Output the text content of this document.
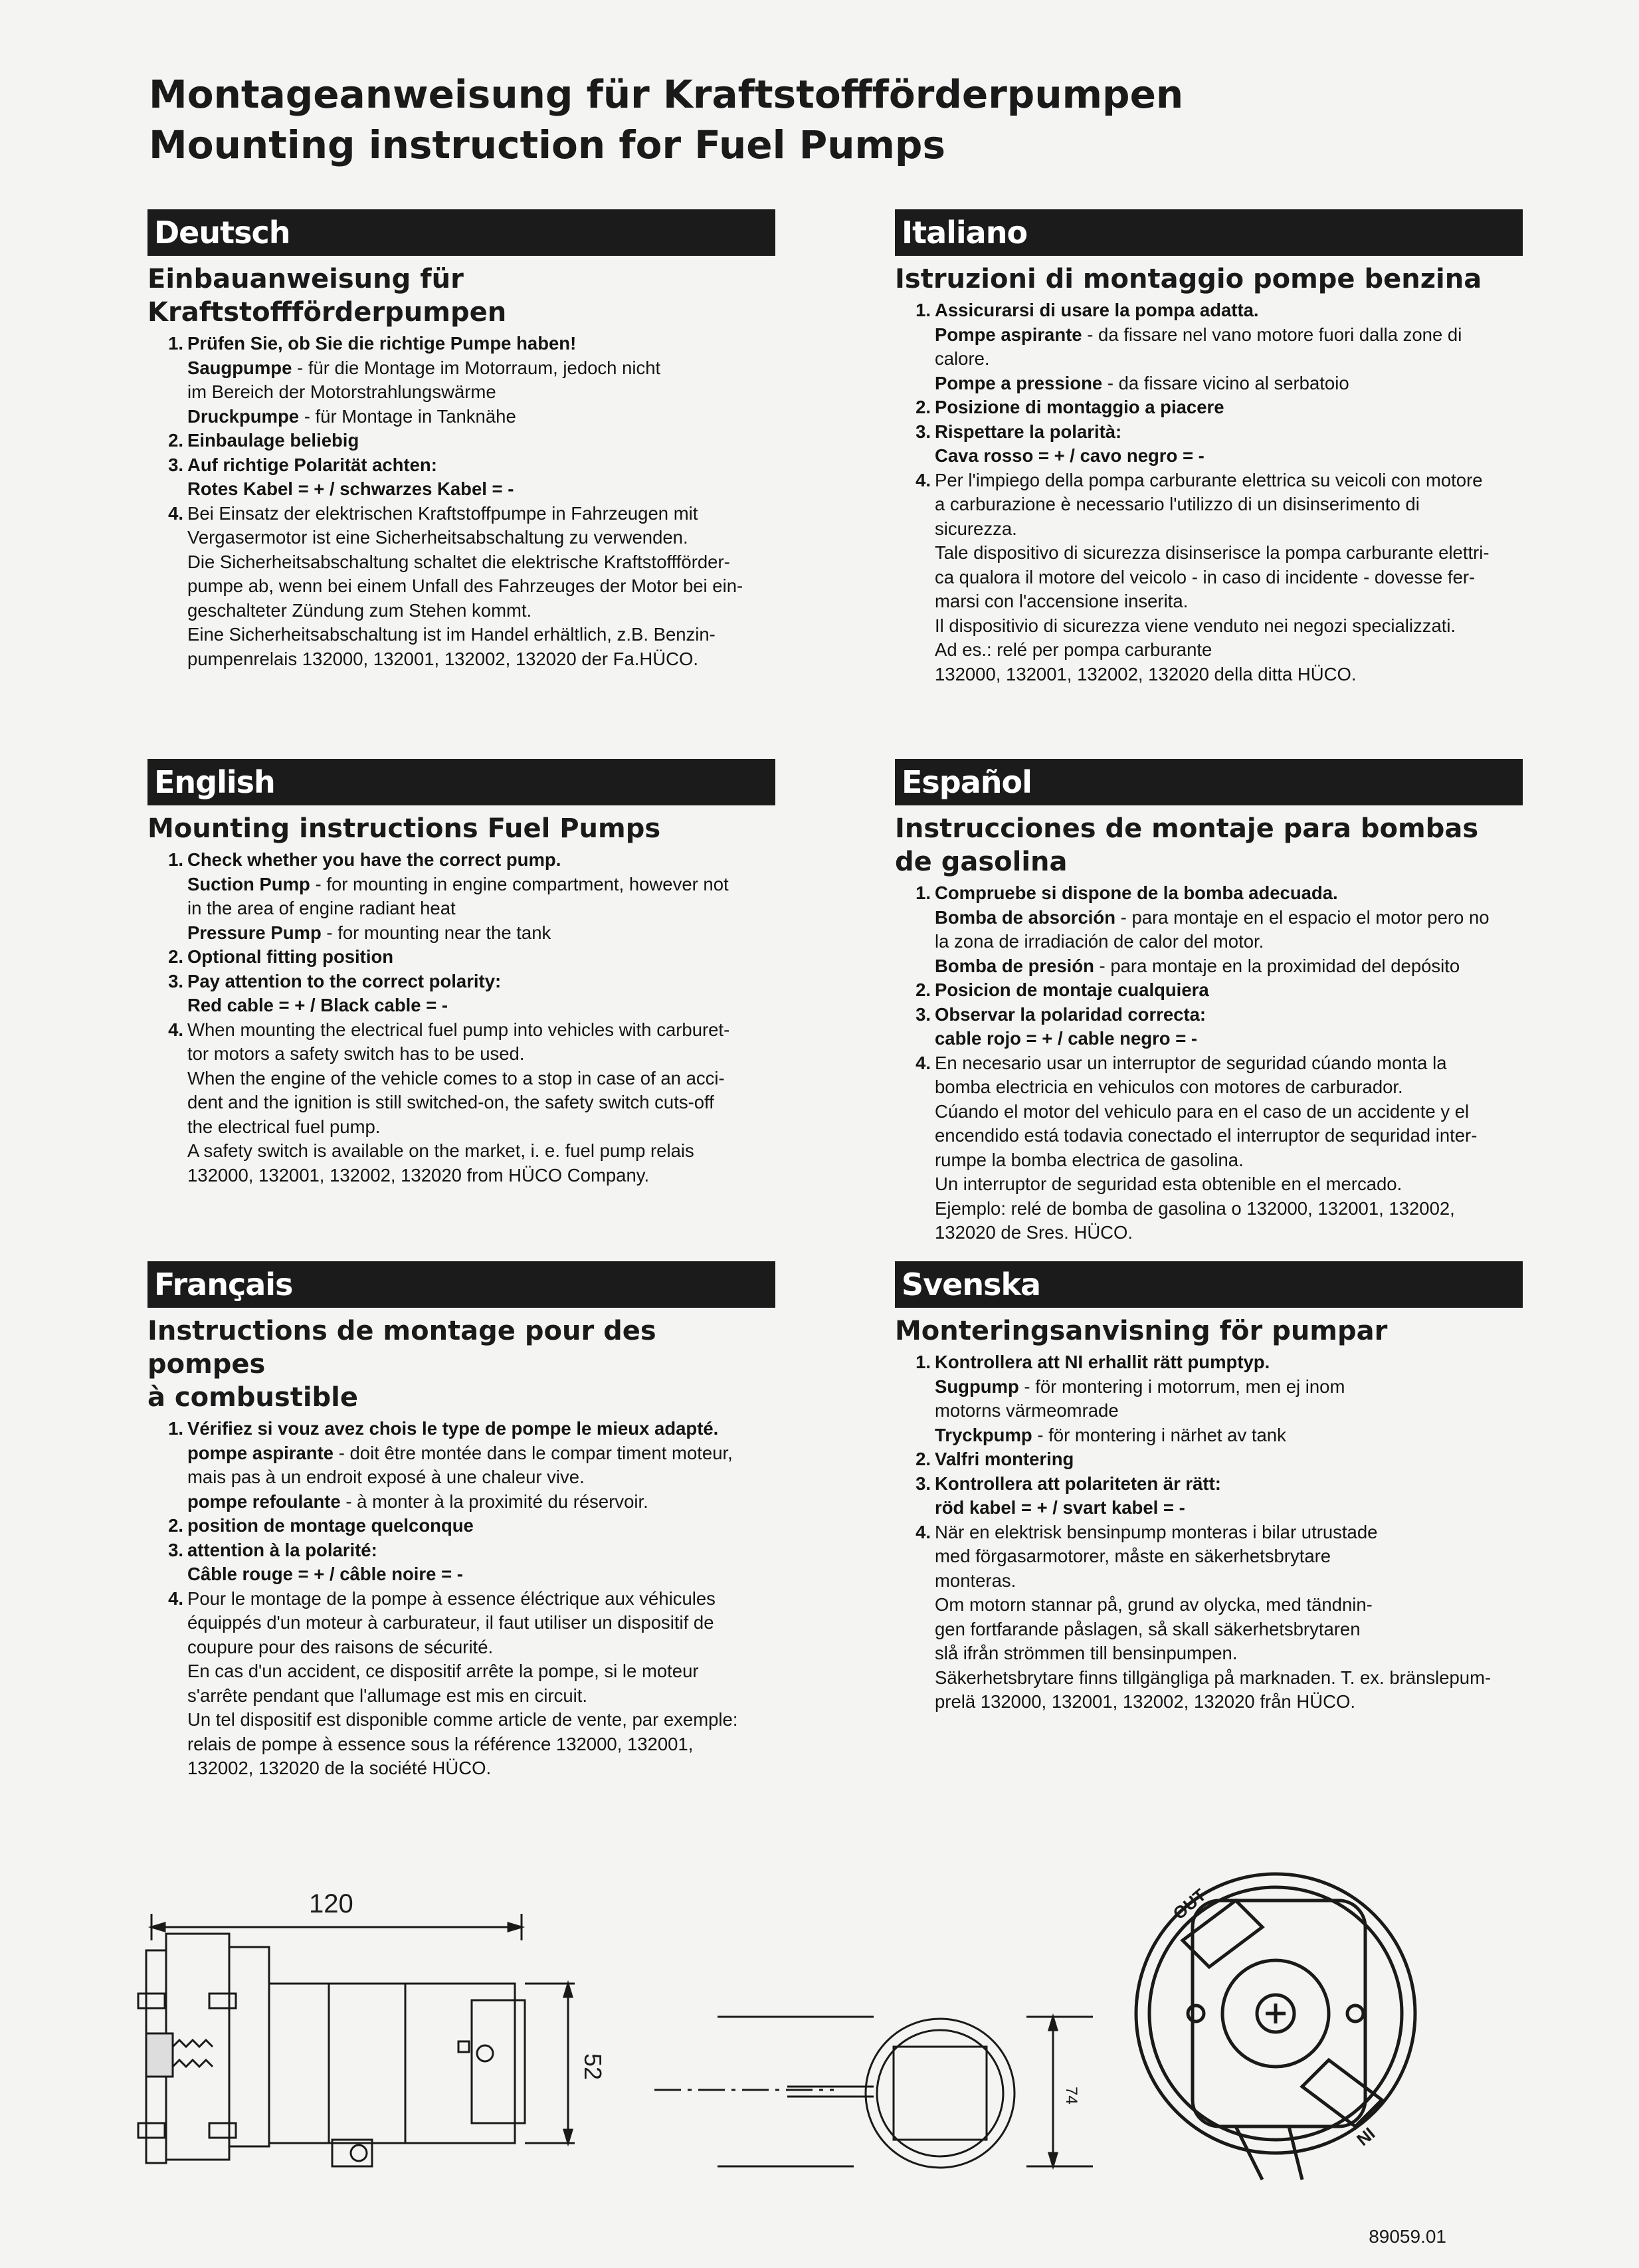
Montageanweisung für Kraftstoffförderpumpen
Mounting instruction for Fuel Pumps
Deutsch
Einbauanweisung für Kraftstoffförderpumpen
1 . Prüfen Sie, ob Sie die richtige Pumpe haben!
Saugpumpe - für die Montage im Motorraum, jedoch nicht
im Bereich der Motorstrahlungswärme
Druckpumpe - für Montage in Tanknähe
2 . Einbaulage beliebig
3 . Auf richtige Polarität achten:
Rotes Kabel = + / schwarzes Kabel = -
4 . Bei Einsatz der elektrischen Kraftstoffpumpe in Fahrzeugen mit
Vergasermotor ist eine Sicherheitsabschaltung zu verwenden.
Die Sicherheitsabschaltung schaltet die elektrische Kraftstoffförder-
pumpe ab, wenn bei einem Unfall des Fahrzeuges der Motor bei ein-
geschalteter Zündung zum Stehen kommt.
Eine Sicherheitsabschaltung ist im Handel erhältlich, z.B. Benzin-
pumpenrelais 132000, 132001, 132002, 132020 der Fa.HÜCO.
Italiano
Istruzioni di montaggio pompe benzina
1 . Assicurarsi di usare la pompa adatta.
Pompe aspirante - da fissare nel vano motore fuori dalla zone di
calore.
Pompe a pressione - da fissare vicino al serbatoio
2 . Posizione di montaggio a piacere
3 . Rispettare la polarità:
Cava rosso = + / cavo negro = -
4 . Per l'impiego della pompa carburante elettrica su veicoli con motore
a carburazione è necessario l'utilizzo di un disinserimento di
sicurezza.
Tale dispositivo di sicurezza disinserisce la pompa carburante elettri-
ca qualora il motore del veicolo - in caso di incidente - dovesse fer-
marsi con l'accensione inserita.
Il dispositivio di sicurezza viene venduto nei negozi specializzati.
Ad es.: relé per pompa carburante
132000, 132001, 132002, 132020 della ditta HÜCO.
English
Mounting instructions Fuel Pumps
1 . Check whether you have the correct pump.
Suction Pump - for mounting in engine compartment, however not
in the area of engine radiant heat
Pressure Pump - for mounting near the tank
2 . Optional fitting position
3 . Pay attention to the correct polarity:
Red cable = + / Black cable = -
4 . When mounting the electrical fuel pump into vehicles with carburet-
tor motors a safety switch has to be used.
When the engine of the vehicle comes to a stop in case of an acci-
dent and the ignition is still switched-on, the safety switch cuts-off
the electrical fuel pump.
A safety switch is available on the market, i. e. fuel pump relais
132000, 132001, 132002, 132020 from HÜCO Company.
Español
Instrucciones de montaje para bombas
de gasolina
1 . Compruebe si dispone de la bomba adecuada.
Bomba de absorción - para montaje en el espacio el motor pero no
la zona de irradiación de calor del motor.
Bomba de presión - para montaje en la proximidad del depósito
2 . Posicion de montaje cualquiera
3 . Observar la polaridad correcta:
cable rojo = + / cable negro = -
4 . En necesario usar un interruptor de seguridad cúando monta la
bomba electricia en vehiculos con motores de carburador.
Cúando el motor del vehiculo para en el caso de un accidente y el
encendido está todavia conectado el interruptor de sequridad inter-
rumpe la bomba electrica de gasolina.
Un interruptor de seguridad esta obtenible en el mercado.
Ejemplo: relé de bomba de gasolina o 132000, 132001, 132002,
132020 de Sres. HÜCO.
Français
Instructions de montage pour des pompes
à combustible
1 . Vérifiez si vouz avez chois le type de pompe le mieux adapté.
pompe aspirante - doit être montée dans le compar timent moteur,
mais pas à un endroit exposé à une chaleur vive.
pompe refoulante - à monter à la proximité du réservoir.
2 . position de montage quelconque
3 . attention à la polarité:
Câble rouge = + / câble noire = -
4 . Pour le montage de la pompe à essence éléctrique aux véhicules
équippés d'un moteur à carburateur, il faut utiliser un dispositif de
coupure pour des raisons de sécurité.
En cas d'un accident, ce dispositif arrête la pompe, si le moteur
s'arrête pendant que l'allumage est mis en circuit.
Un tel dispositif est disponible comme article de vente, par exemple:
relais de pompe à essence sous la référence 132000, 132001,
132002, 132020 de la société HÜCO.
Svenska
Monteringsanvisning för pumpar
1 . Kontrollera att NI erhallit rätt pumptyp.
Sugpump - för montering i motorrum, men ej inom
motorns värmeomrade
Tryckpump - för montering i närhet av tank
2 . Valfri montering
3 . Kontrollera att polariteten är rätt:
röd kabel = + / svart kabel = -
4 . När en elektrisk bensinpump monteras i bilar utrustade
med förgasarmotorer, måste en säkerhetsbrytare
monteras.
Om motorn stannar på, grund av olycka, med tändnin-
gen fortfarande påslagen, så skall säkerhetsbrytaren
slå ifrån strömmen till bensinpumpen.
Säkerhetsbrytare finns tillgängliga på marknaden. T. ex. bränslepum-
prelä 132000, 132001, 132002, 132020 från HÜCO.
120
52
74
OUT
IN
89059.01
